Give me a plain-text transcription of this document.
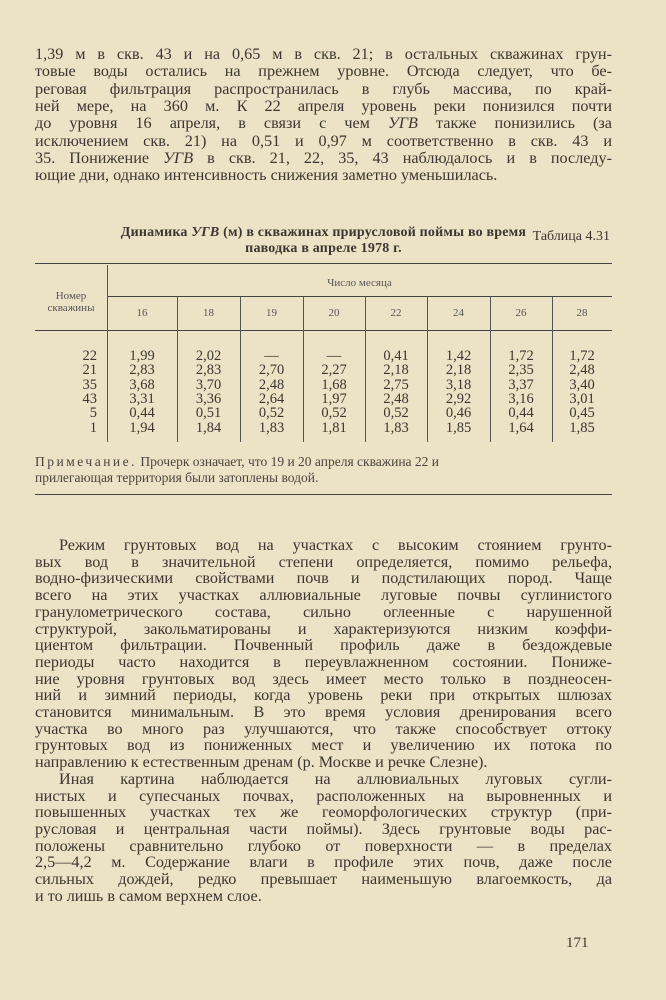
1,39 м в скв. 43 и на 0,65 м в скв. 21; в остальных скважинах грун-
товые воды остались на прежнем уровне. Отсюда следует, что бе-
реговая фильтрация распространилась в глубь массива, по край-
ней мере, на 360 м. К 22 апреля уровень реки понизился почти
до уровня 16 апреля, в связи с чем УГВ также понизились (за
исключением скв. 21) на 0,51 и 0,97 м соответственно в скв. 43 и
35. Понижение УГВ в скв. 21, 22, 35, 43 наблюдалось и в последу-
ющие дни, однако интенсивность снижения заметно уменьшилась.
Таблица 4.31
Динамика УГВ (м) в скважинах прирусловой поймы во время
паводка в апреле 1978 г.
Номер
скважины
Число месяца
16	18	19	20	22	24	26	28
22	1,99	2,02	—	—	0,41	1,42	1,72	1,72
21	2,83	2,83	2,70	2,27	2,18	2,18	2,35	2,48
35	3,68	3,70	2,48	1,68	2,75	3,18	3,37	3,40
43	3,31	3,36	2,64	1,97	2,48	2,92	3,16	3,01
5	0,44	0,51	0,52	0,52	0,52	0,46	0,44	0,45
1	1,94	1,84	1,83	1,81	1,83	1,85	1,64	1,85
Примечание. Прочерк означает, что 19 и 20 апреля скважина 22 и
прилегающая территория были затоплены водой.
Режим грунтовых вод на участках с высоким стоянием грунто-
вых вод в значительной степени определяется, помимо рельефа,
водно-физическими свойствами почв и подстилающих пород. Чаще
всего на этих участках аллювиальные луговые почвы суглинистого
гранулометрического состава, сильно оглеенные с нарушенной
структурой, закольматированы и характеризуются низким коэффи-
циентом фильтрации. Почвенный профиль даже в бездождевые
периоды часто находится в переувлажненном состоянии. Пониже-
ние уровня грунтовых вод здесь имеет место только в позднеосен-
ний и зимний периоды, когда уровень реки при открытых шлюзах
становится минимальным. В это время условия дренирования всего
участка во много раз улучшаются, что также способствует оттоку
грунтовых вод из пониженных мест и увеличению их потока по
направлению к естественным дренам (р. Москве и речке Слезне).
Иная картина наблюдается на аллювиальных луговых сугли-
нистых и супесчаных почвах, расположенных на выровненных и
повышенных участках тех же геоморфологических структур (при-
русловая и центральная части поймы). Здесь грунтовые воды рас-
положены сравнительно глубоко от поверхности — в пределах
2,5—4,2 м. Содержание влаги в профиле этих почв, даже после
сильных дождей, редко превышает наименьшую влагоемкость, да
и то лишь в самом верхнем слое.
171
